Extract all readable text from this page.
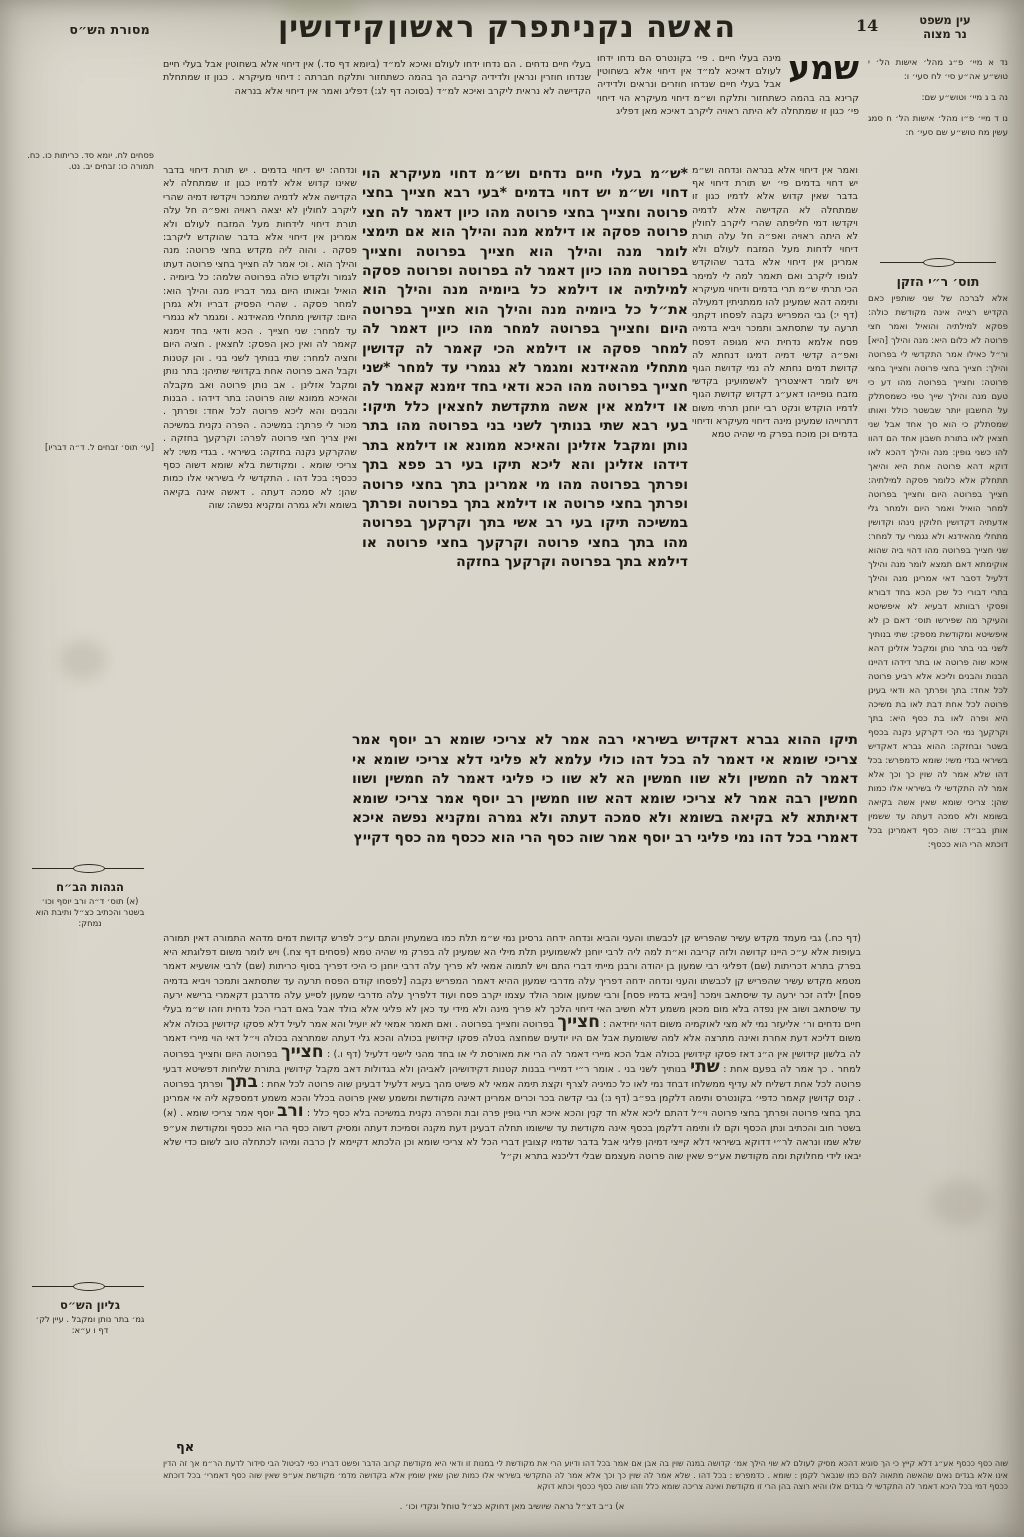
מסורת הש״ס	האשה נקנית
פרק ראשון
קידושין	14	עין משפט
נר מצוה
נד א מיי׳ פ״ג מהל׳ אישות הל׳ י טוש״ע אה״ע סי׳ לח סעי׳ ו:
נה ב ג מיי׳ וטוש״ע שם:
נו ד מיי׳ פ״ו מהל׳ אישות הל׳ ח סמג עשין מח טוש״ע שם סעי׳ ח:
תוס׳ ר״י הזקן
אלא לברכה של שני שותפין כאם הקדיש רצייה אינה מקודשת כולה: פסקא למילתיה והואיל ואמר חצי פרוטה לא כלום היא: מנה והילך [היא] ור״ל כאילו אמר התקדשי לי בפרוטה והילך: חצייך בחצי פרוטה וחצייך בחצי פרוטה: וחצייך בפרוטה מהו דע כי טעם מנה והילך שייך טפי כשמסתלק על החשבון יותר שבשטר כולל ואותו שמסתלק כי הוא סך אחד אבל שני חצאין לאו בתורת חשבון אחד הם דהוו להו כשני גופין: מנה והילך דהכא לאו דוקא דהא פרוטה אחת היא והיאך תתחלק אלא כלומר פסקה למילתיה: חצייך בפרוטה היום וחצייך בפרוטה למחר הואיל ואמר היום ולמחר גלי אדעתיה דקדושין חלוקין נינהו וקדושין מתחלי מהאידנא ולא נגמרי עד למחר: שני חצייך בפרוטה מהו דהוי ביה שהוא אוקימתא דאם תמצא לומר מנה והילך דלעיל דסבר דאי אמרינן מנה והילך בתרי דבורי כל שכן הכא בחד דבורא ופסקי רבוותא דבעיא לא איפשיטא והעיקר מה שפירשו תוס׳ דאם כן לא איפשיטא ומקודשת מספק: שתי בנותיך לשני בני בתר נותן ומקבל אזלינן דהא איכא שוה פרוטה או בתר דידהו דהיינו הבנות והבנים וליכא אלא רביע פרוטה לכל אחד: בתך ופרתך הא ודאי בעינן פרוטה לכל אחת דבת לאו בת משיכה היא ופרה לאו בת כסף היא: בתך וקרקעך נמי הכי דקרקע נקנה בכסף בשטר ובחזקה: ההוא גברא דאקדיש בשיראי בגדי משי: שומא כדמפרש: בכל דהו שלא אמר לה שוין כך וכך אלא אמר לה התקדשי לי בשיראי אלו כמות שהן: צריכי שומא שאין אשה בקיאה בשומא ולא סמכה דעתה עד ששמין אותן בב״ד: שוה כסף דאמרינן בכל דוכתא הרי הוא ככסף:
פסחים לח. יומא סד. כריתות כו. כח. תמורה כו: זבחים יב. נט.
[עי׳ תוס׳ זבחים ל. ד״ה דבריו]
הגהות הב״ח
(א) תוס׳ ד״ה ורב יוסף וכו׳ בשטר והכתיב כצ״ל ותיבת הוא נמחק:
גליון הש״ס
גמ׳ בתר נותן ומקבל . עיין לק׳ דף ו ע״א:
בעלי חיים נדחים . הם נדחו ידחו לעולם ואיכא למ״ד (ביומא דף סד.) אין דיחוי אלא בשחוטין אבל בעלי חיים שנדחו חוזרין ונראין ולדידיה קריבה הך בהמה כשתחזור ותלקח חברתה : דיחוי מעיקרא . כגון זו שמתחלת הקדישה לא נראית ליקרב ואיכא למ״ד (בסוכה דף לג:) דפליג ואמר אין דיחוי אלא בנראה
שמע
מינה בעלי חיים . פי׳ בקונטרס הם נדחו ידחו לעולם דאיכא למ״ד אין דיחוי אלא בשחוטין אבל בעלי חיים שנדחו חוזרים ונראים ולדידיה קרינא בה בהמה כשתחזור ותלקח וש״מ דיחוי מעיקרא הוי דיחוי פי׳ כגון זו שמתחלה לא היתה ראויה ליקרב דאיכא מאן דפליג
ונדחה: יש דיחוי בדמים . יש תורת דיחוי בדבר שאינו קדוש אלא לדמיו כגון זו שמתחלה לא הקדישה אלא לדמיה שתמכר ויקדשו דמיה שהרי ליקרב לחולין לא יצאה ראויה ואפ״ה חל עלה תורת דיחוי לידחות מעל המזבח לעולם ולא אמרינן אין דיחוי אלא בדבר שהוקדש ליקרב: פסקה . והוה ליה מקדש בחצי פרוטה: מנה והילך הוא . וכי אמר לה חצייך בחצי פרוטה דעתו לגמור ולקדש כולה בפרוטה שלמה: כל ביומיה . הואיל ובאותו היום גמר דבריו מנה והילך הוא: למחר פסקה . שהרי הפסיק דבריו ולא גמרן היום: קדושין מתחלי מהאידנא . ומגמר לא נגמרי עד למחר: שני חצייך . הכא ודאי בחד זימנא קאמר לה ואין כאן הפסק: לחצאין . חציה היום וחציה למחר: שתי בנותיך לשני בני . והן קטנות וקבל האב פרוטה אחת בקדושי שתיהן: בתר נותן ומקבל אזלינן . אב נותן פרוטה ואב מקבלה והאיכא ממונא שוה פרוטה: בתר דידהו . הבנות והבנים והא ליכא פרוטה לכל אחד: ופרתך . מכור לי פרתך: במשיכה . הפרה נקנית במשיכה ואין צריך חצי פרוטה לפרה: וקרקעך בחזקה . שהקרקע נקנה בחזקה: בשיראי . בגדי משי: לא צריכי שומא . ומקודשת בלא שומא דשוה כסף ככסף: בכל דהו . התקדשי לי בשיראי אלו כמות שהן: לא סמכה דעתה . דאשה אינה בקיאה בשומא ולא גמרה ומקניא נפשה: שוה
*ש״מ בעלי חיים נדחים וש״מ דחוי מעיקרא הוי דחוי וש״מ יש דחוי בדמים *בעי רבא חצייך בחצי פרוטה וחצייך בחצי פרוטה מהו כיון דאמר לה חצי פרוטה פסקה או דילמא מנה והילך הוא אם תימצי לומר מנה והילך הוא חצייך בפרוטה וחצייך בפרוטה מהו כיון דאמר לה בפרוטה ופרוטה פסקה למילתיה או דילמא כל ביומיה מנה והילך הוא את״ל כל ביומיה מנה והילך הוא חצייך בפרוטה היום וחצייך בפרוטה למחר מהו כיון דאמר לה למחר פסקה או דילמא הכי קאמר לה קדושין מתחלי מהאידנא ומגמר לא נגמרי עד למחר *שני חצייך בפרוטה מהו הכא ודאי בחד זימנא קאמר לה או דילמא אין אשה מתקדשת לחצאין כלל תיקו: בעי רבא שתי בנותיך לשני בני בפרוטה מהו בתר נותן ומקבל אזלינן והאיכא ממונא או דילמא בתר דידהו אזלינן והא ליכא תיקו בעי רב פפא בתך ופרתך בפרוטה מהו מי אמרינן בתך בחצי פרוטה ופרתך בחצי פרוטה או דילמא בתך בפרוטה ופרתך במשיכה תיקו בעי רב אשי בתך וקרקעך בפרוטה מהו בתך בחצי פרוטה וקרקעך בחצי פרוטה או דילמא בתך בפרוטה וקרקעך בחזקה
ואמר אין דיחוי אלא בנראה ונדחה וש״מ יש דחוי בדמים פי׳ יש תורת דיחוי אף בדבר שאין קדוש אלא לדמיו כגון זו שמתחלה לא הקדישה אלא לדמיה ויקדשו דמי חליפתה שהרי ליקרב לחולין לא היתה ראויה ואפ״ה חל עלה תורת דיחוי לדחות מעל המזבח לעולם ולא אמרינן אין דיחוי אלא בדבר שהוקדש לגופו ליקרב ואם תאמר למה לי למימר הכי תרתי ש״מ תרי בדמים ודיחוי מעיקרא ותימה דהא שמעינן להו ממתניתין דמעילה (דף י:) גבי המפריש נקבה לפסחו דקתני תרעה עד שתסתאב ותמכר ויביא בדמיה פסח אלמא נדחית היא מגופה דפסח ואפ״ה קדשי דמיה דמיגו דנחתא לה קדושת דמים נחתא לה נמי קדושת הגוף ויש לומר דאיצטריך לאשמועינן בקדשי מזבח גופייהו דאע״ג דקדוש קדושת הגוף לדמיו הוקדש ונקט רבי יוחנן תרתי משום דתרוייהו שמעינן מינה דיחוי מעיקרא ודיחוי בדמים וכן מוכח בפרק מי שהיה טמא
תיקו ההוא גברא דאקדיש בשיראי רבה אמר לא צריכי שומא רב יוסף אמר צריכי שומא אי דאמר לה בכל דהו כולי עלמא לא פליגי דלא צריכי שומא אי דאמר לה חמשין ולא שוו חמשין הא לא שוו כי פליגי דאמר לה חמשין ושוו חמשין רבה אמר לא צריכי שומא דהא שוו חמשין רב יוסף אמר צריכי שומא דאיתתא לא בקיאה בשומא ולא סמכה דעתה ולא גמרה ומקניא נפשה איכא דאמרי בכל דהו נמי פליגי רב יוסף אמר שוה כסף הרי הוא ככסף מה כסף דקייץ
(דף כח.) גבי מעמד מקדש עשיר שהפריש קן לכבשתו והעני והביא ונדחה ידחה גרסינן נמי ש״מ תלת כמו בשמעתין והתם ע״כ לפרש קדושת דמים מדהא התמורה דאין תמורה בעופות אלא ע״כ היינו קדושה ולזה קריבה וא״ת למה ליה לרבי יוחנן לאשמועינן תלת מילי הא שמעינן לה בפרק מי שהיה טמא (פסחים דף צח.) ויש לומר משום דפלוגתא היא בפרק בתרא דכריתות (שם) דפליגי רבי שמעון בן יהודה ורבנן מייתי דברי התם ויש לתמוה אמאי לא פריך עלה דרבי יוחנן כי היכי דפריך בסוף כריתות (שם) לרבי אושעיא דאמר מטמא מקדש עשיר שהפריש קן לכבשתו והעני ונדחה ידחה דפריך עלה מדרבי שמעון ההיא דאמר המפריש נקבה [לפסחו קודם הפסח תרעה עד שתסתאב ותמכר ויביא בדמיה פסח] ילדה זכר ירעה עד שיסתאב וימכר [ויביא בדמיו פסח] ורבי שמעון אומר הולד עצמו יקרב פסח ועוד דלפריך עלה מדרבי שמעון לסייע עלה מדרבנן דקאמרי ברישא ירעה עד שיסתאב ושוב אין נפדה בלא מום מכאן משמע דלא חשיב האי דיחוי הלכך לא פריך מינה ולא מידי עד כאן לא פליגי אלא בולד אבל באם דברי הכל נדחית וזהו ש״מ בעלי חיים נדחים ור׳ אליעזר נמי לא מצי לאוקמיה משום דהוי יחידאה : חצייך בפרוטה וחצייך בפרוטה . ואם תאמר אמאי לא יועיל והא אמר לעיל דלא פסקו קידושין בכולה אלא משום דליכא דעת אחרת ואינה מתרצה אלא למה ששומעת אבל אם היו יודעים שמחצה בטלה פסקו קידושין בכולה והכא גלי דעתה שמתרצה בכולה וי״ל דאי הוי מיירי דאמר לה בלשון קידושין אין ה״נ דאז פסקו קידושין בכולה אבל הכא מיירי דאמר לה הרי את מאורסת לי או בחד מהני לישני דלעיל (דף ו.) : חצייך בפרוטה היום וחצייך בפרוטה למחר . כך אמר לה בפעם אחת : שתי בנותיך לשני בני . אומר ר״י דמיירי בבנות קטנות דקידושיהן לאביהן ולא בגדולות דאב מקבל קידושין בתורת שליחות דפשיטא דבעי פרוטה לכל אחת דשליח לא עדיף ממשלחו דבחד נמי לאו כל כמיניה לצרף וקצת תימה אמאי לא פשיט מהך בעיא דלעיל דבעינן שוה פרוטה לכל אחת : בתך ופרתך בפרוטה . קנס קדושין קאמר כדפי׳ בקונטרס ותימה דלקמן בפ״ב (דף נ:) גבי קדשה בכר וכרים אמרינן דאינה מקודשת ומשמע שאין פרוטה בכלל והכא משמע דמספקא ליה אי אמרינן בתך בחצי פרוטה ופרתך בחצי פרוטה וי״ל דהתם ליכא אלא חד קנין והכא איכא תרי גופין פרה ובת והפרה נקנית במשיכה בלא כסף כלל : ורב יוסף אמר צריכי שומא . (א) בשטר חוב והכתיב ונתן הכסף וקם לו ותימה דלקמן בכסף אינה מקודשת עד שישומו תחלה דבעינן דעת מקנה וסמיכת דעתה ומסיק דשוה כסף הרי הוא ככסף ומקודשת אע״פ שלא שמו ונראה לר״י דדוקא בשיראי דלא קייצי דמיהן פליגי אבל בדבר שדמיו קצובין דברי הכל לא צריכי שומא וכן הלכתא דקיימא לן כרבה ומיהו לכתחלה טוב לשום כדי שלא יבאו לידי מחלוקת ומה מקודשת אע״פ שאין שוה פרוטה מעצמם שבלי דליכנא בתרא וק״ל
אף
שוה כסף ככסף אע״ג דלא קייץ כי הך סוגיא דהכא מסיק לעולם לא שוי הילך אמ׳ קדושה במנה שוין בה אבן אם אמר בכל דהו ודיוע הרי את מקודשת לי במנות זו ודאי היא מקודשת קרוב הדבר ופשט דבריו כפי לביטול הבי סידור לדעת הר״מ אך זה הדין אינו אלא בגדים נאים שהאשה מתאוה להם כמו שנבאר לקמן : שומא . כדמפרש : בכל דהו . שלא אמר לה שוין כך וכך אלא אמר לה התקדשי בשיראי אלו כמות שהן שאין שומין אלא בקדושה מדמ׳ מקודשת אע״פ שאין שוה כסף דאמרי׳ בכל דוכתא ככסף דמי בכל היכא דאמר לה התקדשי לי בגדים אלו והיא רוצה בהן הרי זו מקודשת ואינה צריכה שומא כלל וזהו שוה כסף ככסף וכתא דוקא
א) נ״ב דצ״ל נראה שיושיב מאן דחוקא כצ״ל טוחל ונקדי וכו׳ .
